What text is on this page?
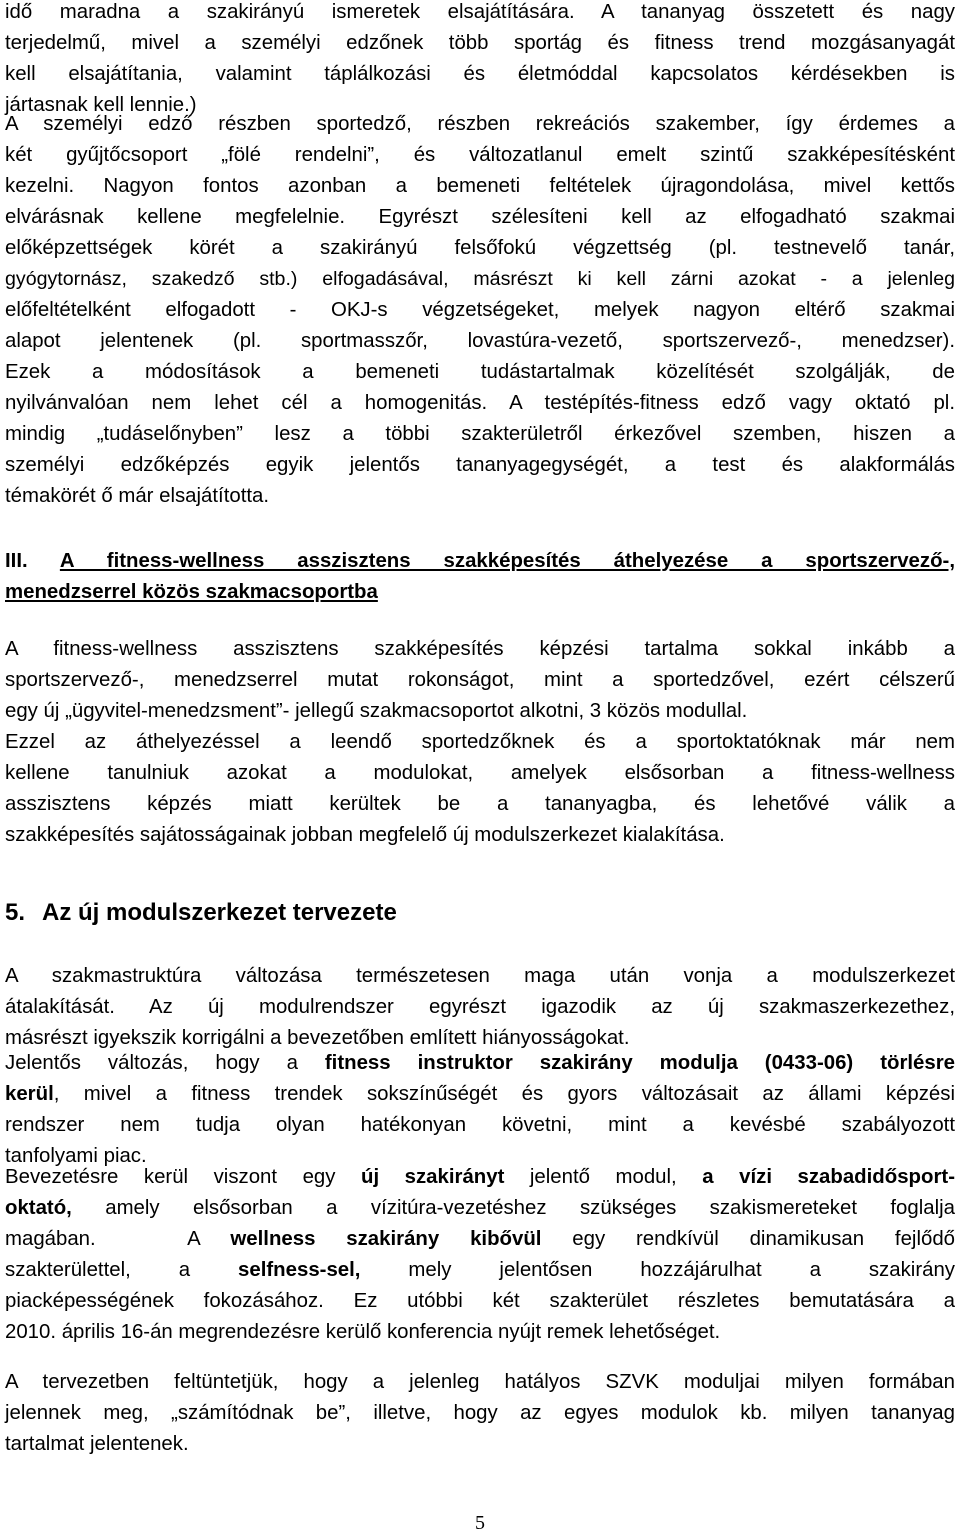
idő maradna a szakirányú ismeretek elsajátítására. A tananyag összetett és nagy
terjedelmű, mivel a személyi edzőnek több sportág és fitness trend mozgásanyagát
kell elsajátítania, valamint táplálkozási és életmóddal kapcsolatos kérdésekben is
jártasnak kell lennie.)
A személyi edző részben sportedző, részben rekreációs szakember, így érdemes a
két gyűjtőcsoport „fölé rendelni”, és változatlanul emelt szintű szakképesítésként
kezelni. Nagyon fontos azonban a bemeneti feltételek újragondolása, mivel kettős
elvárásnak kellene megfelelnie. Egyrészt szélesíteni kell az elfogadható szakmai
előképzettségek körét a szakirányú felsőfokú végzettség (pl. testnevelő tanár,
gyógytornász, szakedző stb.) elfogadásával, másrészt ki kell zárni azokat - a jelenleg
előfeltételként elfogadott - OKJ-s végzetségeket, melyek nagyon eltérő szakmai
alapot jelentenek (pl. sportmasszőr, lovastúra-vezető, sportszervező-, menedzser).
Ezek a módosítások a bemeneti tudástartalmak közelítését szolgálják, de
nyilvánvalóan nem lehet cél a homogenitás. A testépítés-fitness edző vagy oktató pl.
mindig „tudáselőnyben” lesz a többi szakterületről érkezővel szemben, hiszen a
személyi edzőképzés egyik jelentős tananyagegységét, a test és alakformálás
témakörét ő már elsajátította.
III. A fitness-wellness asszisztens szakképesítés áthelyezése a sportszervező-,
menedzserrel közös szakmacsoportba
A fitness-wellness asszisztens szakképesítés képzési tartalma sokkal inkább a
sportszervező-, menedzserrel mutat rokonságot, mint a sportedzővel, ezért célszerű
egy új „ügyvitel-menedzsment”- jellegű szakmacsoportot alkotni, 3 közös modullal.
Ezzel az áthelyezéssel a leendő sportedzőknek és a sportoktatóknak már nem
kellene tanulniuk azokat a modulokat, amelyek elsősorban a fitness-wellness
asszisztens képzés miatt kerültek be a tananyagba, és lehetővé válik a
szakképesítés sajátosságainak jobban megfelelő új modulszerkezet kialakítása.
5. Az új modulszerkezet tervezete
A szakmastruktúra változása természetesen maga után vonja a modulszerkezet
átalakítását. Az új modulrendszer egyrészt igazodik az új szakmaszerkezethez,
másrészt igyekszik korrigálni a bevezetőben említett hiányosságokat.
Jelentős változás, hogy a fitness instruktor szakirány modulja (0433-06) törlésre
kerül, mivel a fitness trendek sokszínűségét és gyors változásait az állami képzési
rendszer nem tudja olyan hatékonyan követni, mint a kevésbé szabályozott
tanfolyami piac.
Bevezetésre kerül viszont egy új szakirányt jelentő modul, a vízi szabadidősport-
oktató, amely elsősorban a vízitúra-vezetéshez szükséges szakismereteket foglalja
magában.   A wellness szakirány kibővül egy rendkívül dinamikusan fejlődő
szakterülettel, a selfness-sel, mely jelentősen hozzájárulhat a szakirány
piacképességének fokozásához. Ez utóbbi két szakterület részletes bemutatására a
2010. április 16-án megrendezésre kerülő konferencia nyújt remek lehetőséget.
A tervezetben feltüntetjük, hogy a jelenleg hatályos SZVK moduljai milyen formában
jelennek meg, „számítódnak be”, illetve, hogy az egyes modulok kb. milyen tananyag
tartalmat jelentenek.
5
